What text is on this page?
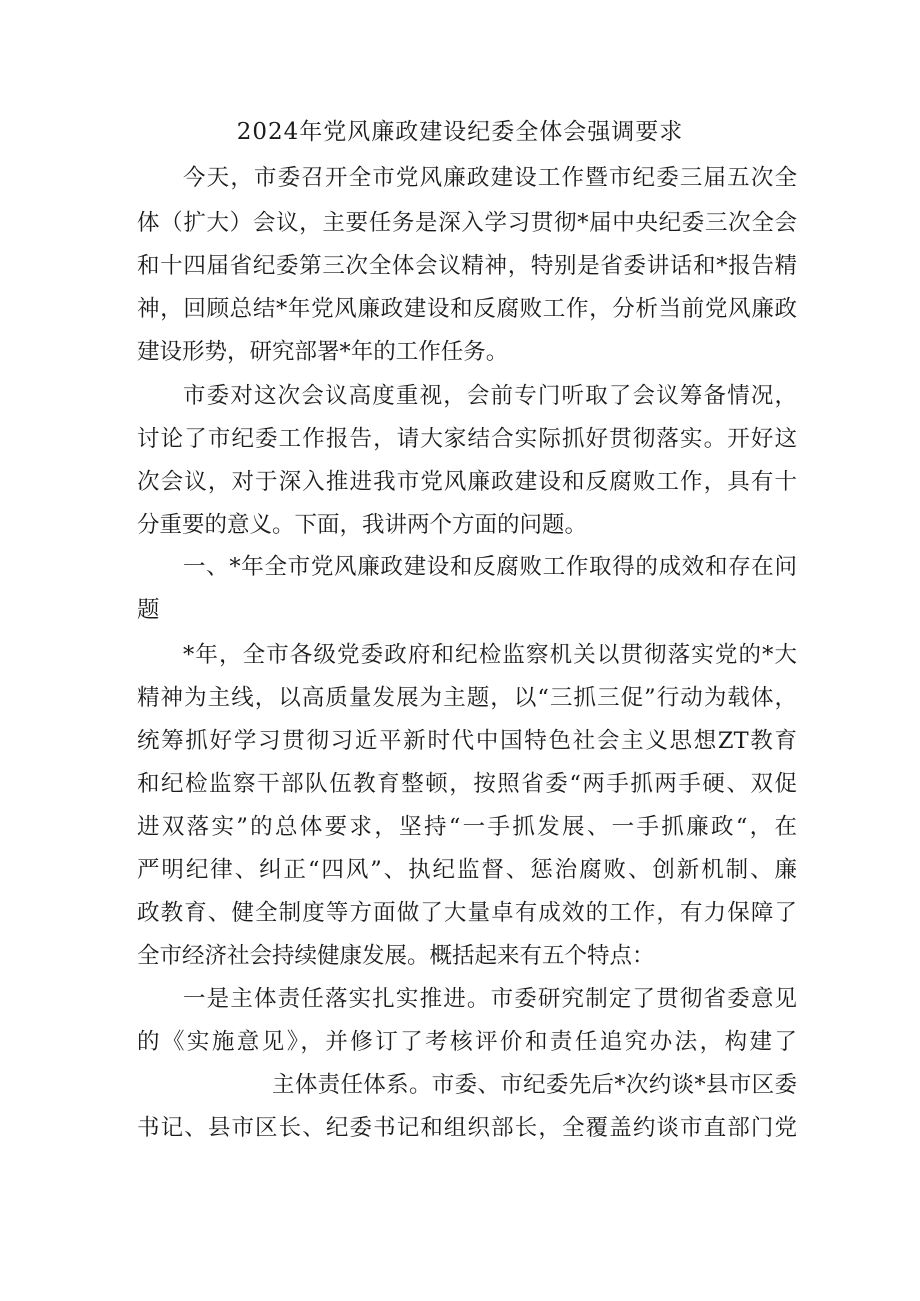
2024年党风廉政建设纪委全体会强调要求
今天，市委召开全市党风廉政建设工作暨市纪委三届五次全
体（扩大）会议，主要任务是深入学习贯彻*届中央纪委三次全会
和十四届省纪委第三次全体会议精神，特别是省委讲话和*报告精
神，回顾总结*年党风廉政建设和反腐败工作，分析当前党风廉政
建设形势，研究部署*年的工作任务。
市委对这次会议高度重视，会前专门听取了会议筹备情况，
讨论了市纪委工作报告，请大家结合实际抓好贯彻落实。开好这
次会议，对于深入推进我市党风廉政建设和反腐败工作，具有十
分重要的意义。下面，我讲两个方面的问题。
一、*年全市党风廉政建设和反腐败工作取得的成效和存在问
题
*年，全市各级党委政府和纪检监察机关以贯彻落实党的*大
精神为主线，以高质量发展为主题，以“三抓三促”行动为载体，
统筹抓好学习贯彻习近平新时代中国特色社会主义思想ZT教育
和纪检监察干部队伍教育整顿，按照省委“两手抓两手硬、双促
进双落实”的总体要求，坚持“一手抓发展、一手抓廉政“，在
严明纪律、纠正“四风”、执纪监督、惩治腐败、创新机制、廉
政教育、健全制度等方面做了大量卓有成效的工作，有力保障了
全市经济社会持续健康发展。概括起来有五个特点：
一是主体责任落实扎实推进。市委研究制定了贯彻省委意见
的《实施意见》，并修订了考核评价和责任追究办法，构建了
主体责任体系。市委、市纪委先后*次约谈*县市区委
书记、县市区长、纪委书记和组织部长，全覆盖约谈市直部门党
